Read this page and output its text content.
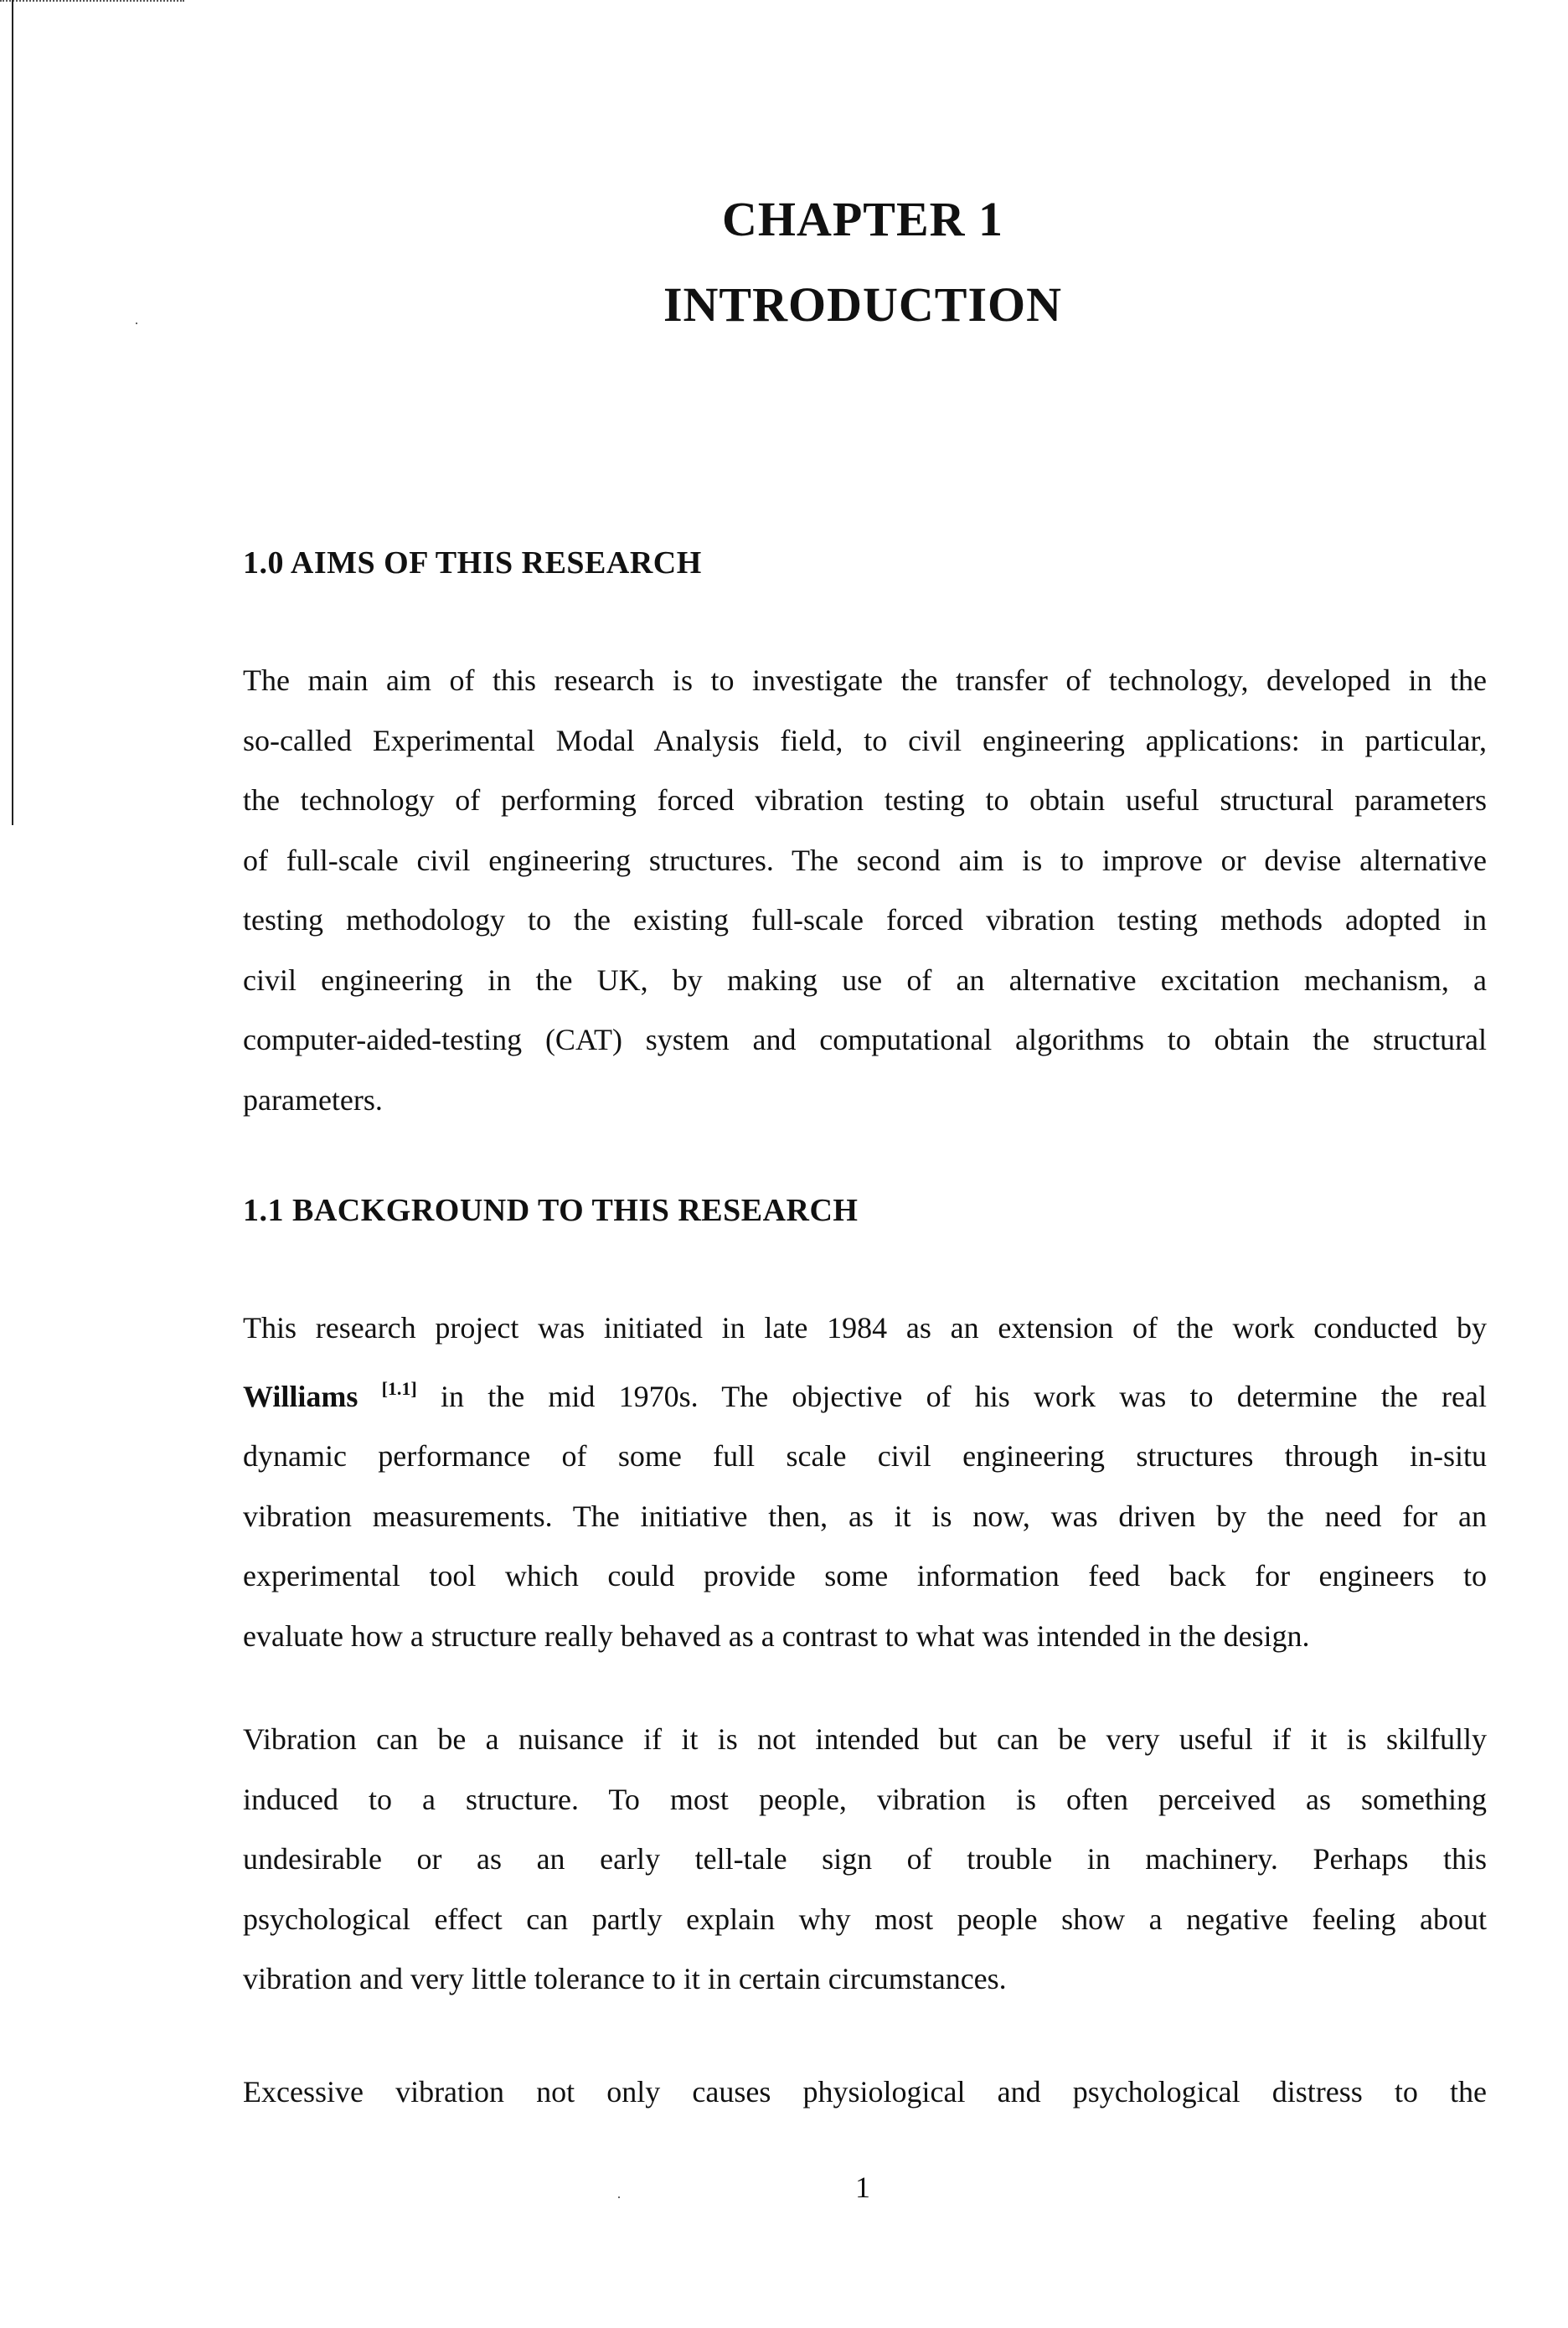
CHAPTER 1
INTRODUCTION
1.0 AIMS OF THIS RESEARCH
The main aim of this research is to investigate the transfer of technology, developed in the
so-called Experimental Modal Analysis field, to civil engineering applications: in particular,
the technology of performing forced vibration testing to obtain useful structural parameters
of full-scale civil engineering structures. The second aim is to improve or devise alternative
testing methodology to the existing full-scale forced vibration testing methods adopted in
civil engineering in the UK, by making use of an alternative excitation mechanism, a
computer-aided-testing (CAT) system and computational algorithms to obtain the structural
parameters.
1.1 BACKGROUND TO THIS RESEARCH
This research project was initiated in late 1984 as an extension of the work conducted by
Williams [1.1] in the mid 1970s. The objective of his work was to determine the real
dynamic performance of some full scale civil engineering structures through in-situ
vibration measurements. The initiative then, as it is now, was driven by the need for an
experimental tool which could provide some information feed back for engineers to
evaluate how a structure really behaved as a contrast to what was intended in the design.
Vibration can be a nuisance if it is not intended but can be very useful if it is skilfully
induced to a structure. To most people, vibration is often perceived as something
undesirable or as an early tell-tale sign of trouble in machinery. Perhaps this
psychological effect can partly explain why most people show a negative feeling about
vibration and very little tolerance to it in certain circumstances.
Excessive vibration not only causes physiological and psychological distress to the
1
